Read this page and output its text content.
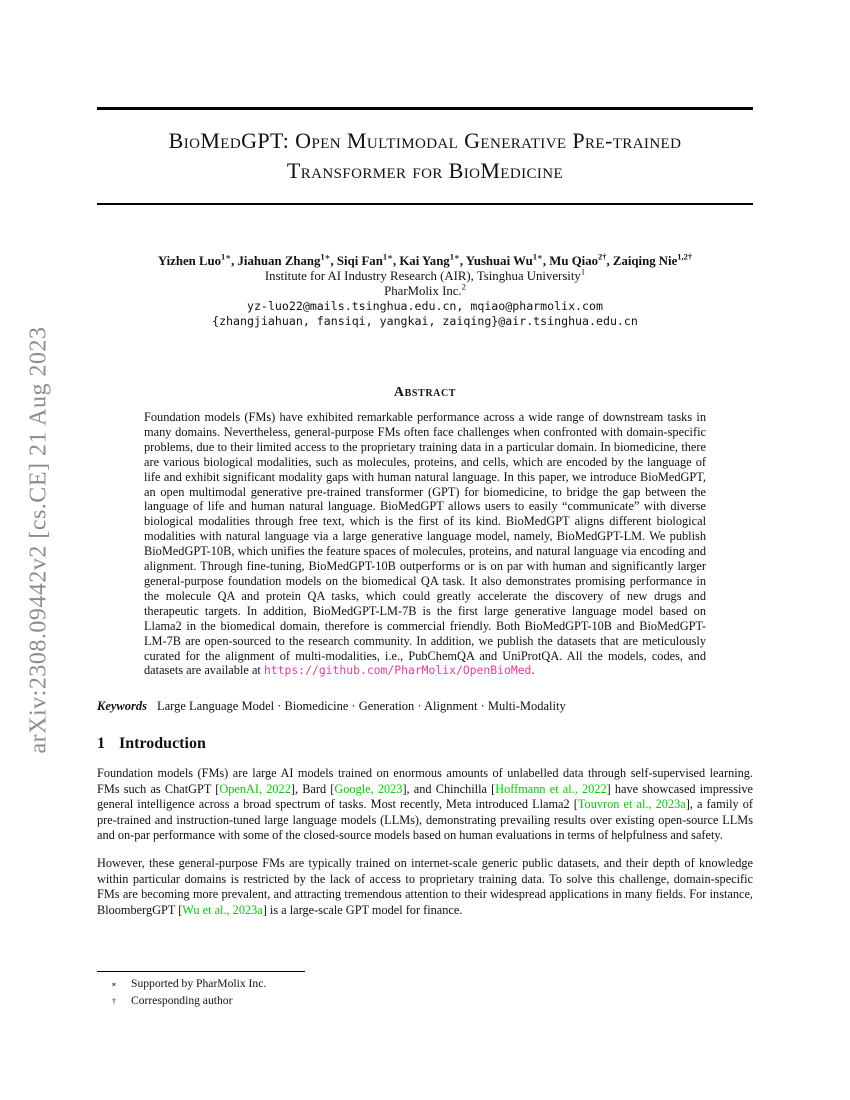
arXiv:2308.09442v2 [cs.CE] 21 Aug 2023
BioMedGPT: Open Multimodal Generative Pre-trained
Transformer for BioMedicine
Yizhen Luo$^{1∗}$, Jiahuan Zhang$^{1∗}$, Siqi Fan$^{1∗}$, Kai Yang$^{1∗}$, Yushuai $Wu^{1∗}$, Mu Qiao$^{2\dagger}$, Zaiqing Nie$^{1,2\dagger}$
Institute for AI Industry Research (AIR), Tsinghua University$^1$
PharMolix Inc.$^2$
yz-luo22@mails.tsinghua.edu.cn, mqiao@pharmolix.com
{zhangjiahuan, fansiqi, yangkai, zaiqing}@air.tsinghua.edu.cn
Abstract
Foundation models (FMs) have exhibited remarkable performance across a wide range of downstream tasks in many domains. Nevertheless, general-purpose FMs often face challenges when confronted with domain-specific problems, due to their limited access to the proprietary training data in a particular domain. In biomedicine, there are various biological modalities, such as molecules, proteins, and cells, which are encoded by the language of life and exhibit significant modality gaps with human natural language. In this paper, we introduce BioMedGPT, an open multimodal generative pre-trained transformer (GPT) for biomedicine, to bridge the gap between the language of life and human natural language. BioMedGPT allows users to easily “communicate” with diverse biological modalities through free text, which is the first of its kind. BioMedGPT aligns different biological modalities with natural language via a large generative language model, namely, BioMedGPT-LM. We publish BioMedGPT-10B, which unifies the feature spaces of molecules, proteins, and natural language via encoding and alignment. Through fine-tuning, BioMedGPT-10B outperforms or is on par with human and significantly larger general-purpose foundation models on the biomedical QA task. It also demonstrates promising performance in the molecule QA and protein QA tasks, which could greatly accelerate the discovery of new drugs and therapeutic targets. In addition, BioMedGPT-LM-7B is the first large generative language model based on Llama2 in the biomedical domain, therefore is commercial friendly. Both BioMedGPT-10B and BioMedGPT-LM-7B are open-sourced to the research community. In addition, we publish the datasets that are meticulously curated for the alignment of multi-modalities, i.e., PubChemQA and UniProtQA. All the models, codes, and datasets are available at https://github.com/PharMolix/OpenBioMed.
Keywords Large Language Model · Biomedicine · Generation · Alignment · Multi-Modality
1 Introduction

Foundation models (FMs) are large AI models trained on enormous amounts of unlabelled data through self-supervised learning. FMs such as ChatGPT [OpenAI, 2022], Bard [Google, 2023], and Chinchilla [Hoffmann et al., 2022] have showcased impressive general intelligence across a broad spectrum of tasks. Most recently, Meta introduced Llama2 [Touvron et al., 2023a], a family of pre-trained and instruction-tuned large language models (LLMs), demonstrating prevailing results over existing open-source LLMs and on-par performance with some of the closed-source models based on human evaluations in terms of helpfulness and safety.

However, these general-purpose FMs are typically trained on internet-scale generic public datasets, and their depth of knowledge within particular domains is restricted by the lack of access to proprietary training data. To solve this challenge, domain-specific FMs are becoming more prevalent, and attracting tremendous attention to their widespread applications in many fields. For instance, BloombergGPT [Wu et al., 2023a] is a large-scale GPT model for finance.

∗	Supported by PharMolix Inc.
†	Corresponding author
